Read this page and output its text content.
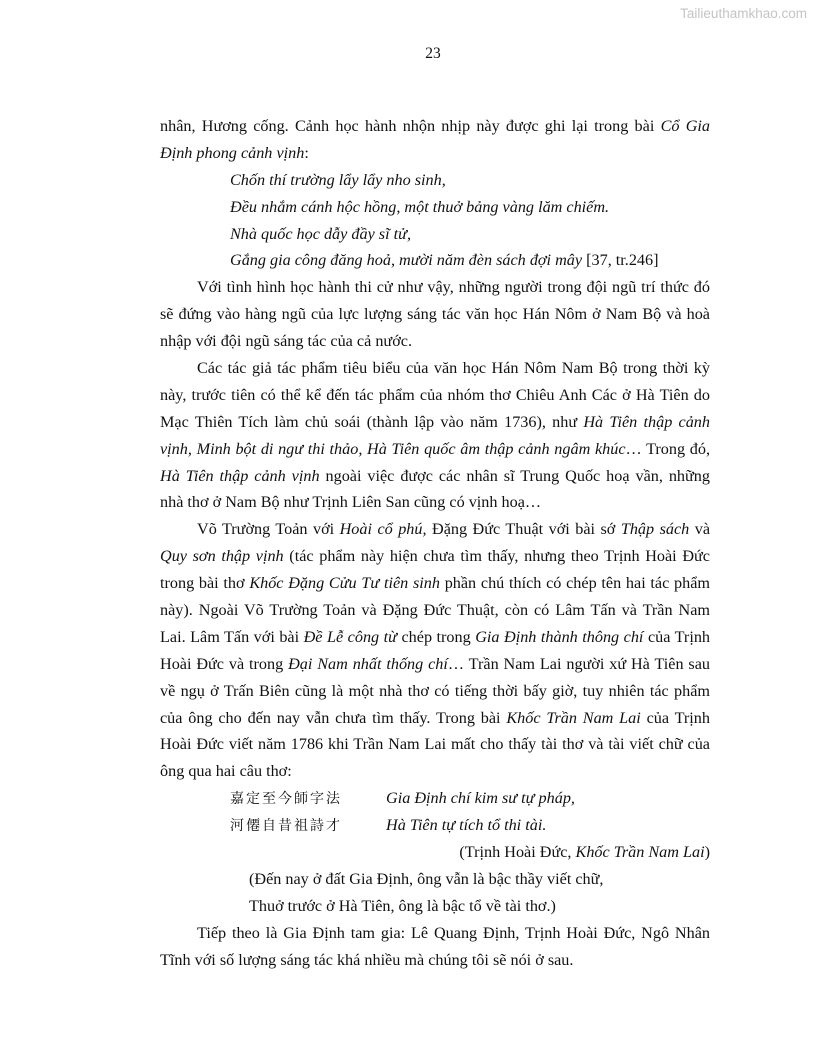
Tailieuthamkhao.com
23
nhân, Hương cống. Cảnh học hành nhộn nhịp này được ghi lại trong bài Cổ Gia
Định phong cảnh vịnh:
Chốn thí trường lẩy lẩy nho sinh,
Đều nhắm cánh hộc hồng, một thuở bảng vàng lăm chiếm.
Nhà quốc học dẫy đầy sĩ tử,
Gắng gia công đăng hoả, mười năm đèn sách đợi mây [37, tr.246]
Với tình hình học hành thi cử như vậy, những người trong đội ngũ trí thức đó
sẽ đứng vào hàng ngũ của lực lượng sáng tác văn học Hán Nôm ở Nam Bộ và hoà
nhập với đội ngũ sáng tác của cả nước.
Các tác giả tác phẩm tiêu biểu của văn học Hán Nôm Nam Bộ trong thời kỳ
này, trước tiên có thể kể đến tác phẩm của nhóm thơ Chiêu Anh Các ở Hà Tiên do
Mạc Thiên Tích làm chủ soái (thành lập vào năm 1736), như Hà Tiên thập cảnh
vịnh, Minh bột di ngư thi thảo, Hà Tiên quốc âm thập cảnh ngâm khúc… Trong đó,
Hà Tiên thập cảnh vịnh ngoài việc được các nhân sĩ Trung Quốc hoạ vần, những
nhà thơ ở Nam Bộ như Trịnh Liên San cũng có vịnh hoạ…
Võ Trường Toản với Hoài cổ phú, Đặng Đức Thuật với bài sớ Thập sách và
Quy sơn thập vịnh (tác phẩm này hiện chưa tìm thấy, nhưng theo Trịnh Hoài Đức
trong bài thơ Khốc Đặng Cửu Tư tiên sinh phần chú thích có chép tên hai tác phẩm
này). Ngoài Võ Trường Toản và Đặng Đức Thuật, còn có Lâm Tấn và Trần Nam
Lai. Lâm Tấn với bài Đề Lễ công từ chép trong Gia Định thành thông chí của Trịnh
Hoài Đức và trong Đại Nam nhất thống chí… Trần Nam Lai người xứ Hà Tiên sau
về ngụ ở Trấn Biên cũng là một nhà thơ có tiếng thời bấy giờ, tuy nhiên tác phẩm
của ông cho đến nay vẫn chưa tìm thấy. Trong bài Khốc Trần Nam Lai của Trịnh
Hoài Đức viết năm 1786 khi Trần Nam Lai mất cho thấy tài thơ và tài viết chữ của
ông qua hai câu thơ:
嘉定至今師字法	Gia Định chí kim sư tự pháp,
河僊自昔祖詩才	Hà Tiên tự tích tổ thi tài.
(Trịnh Hoài Đức, Khốc Trần Nam Lai)
(Đến nay ở đất Gia Định, ông vẫn là bậc thầy viết chữ,
Thuở trước ở Hà Tiên, ông là bậc tổ về tài thơ.)
Tiếp theo là Gia Định tam gia: Lê Quang Định, Trịnh Hoài Đức, Ngô Nhân
Tĩnh với số lượng sáng tác khá nhiều mà chúng tôi sẽ nói ở sau.
